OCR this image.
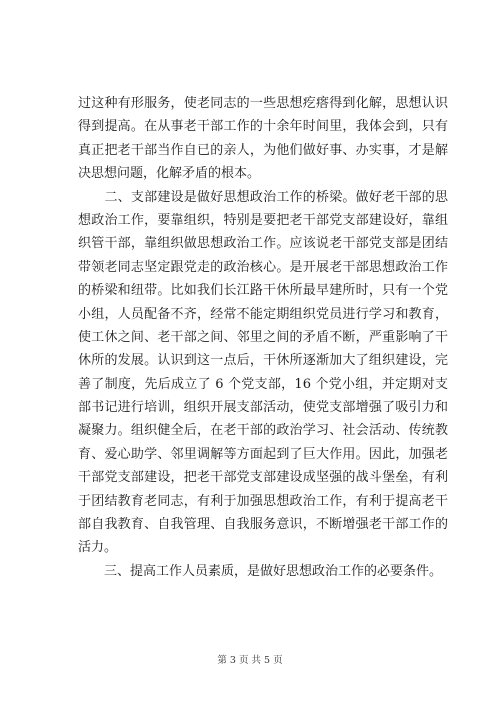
过这种有形服务，使老同志的一些思想疙瘩得到化解，思想认识
得到提高。在从事老干部工作的十余年时间里，我体会到，只有
真正把老干部当作自已的亲人，为他们做好事、办实事，才是解
决思想问题，化解矛盾的根本。
　　二、支部建设是做好思想政治工作的桥梁。做好老干部的思
想政治工作，要靠组织，特别是要把老干部党支部建设好，靠组
织管干部，靠组织做思想政治工作。应该说老干部党支部是团结
带领老同志坚定跟党走的政治核心。是开展老干部思想政治工作
的桥梁和纽带。比如我们长江路干休所最早建所时，只有一个党
小组，人员配备不齐，经常不能定期组织党员进行学习和教育，
使工休之间、老干部之间、邻里之间的矛盾不断，严重影响了干
休所的发展。认识到这一点后，干休所逐渐加大了组织建设，完
善了制度，先后成立了 6 个党支部，16 个党小组，并定期对支
部书记进行培训，组织开展支部活动，使党支部增强了吸引力和
凝聚力。组织健全后，在老干部的政治学习、社会活动、传统教
育、爱心助学、邻里调解等方面起到了巨大作用。因此，加强老
干部党支部建设，把老干部党支部建设成坚强的战斗堡垒，有利
于团结教育老同志，有利于加强思想政治工作，有利于提高老干
部自我教育、自我管理、自我服务意识，不断增强老干部工作的
活力。
　　三、提高工作人员素质，是做好思想政治工作的必要条件。
第 3 页 共 5 页
